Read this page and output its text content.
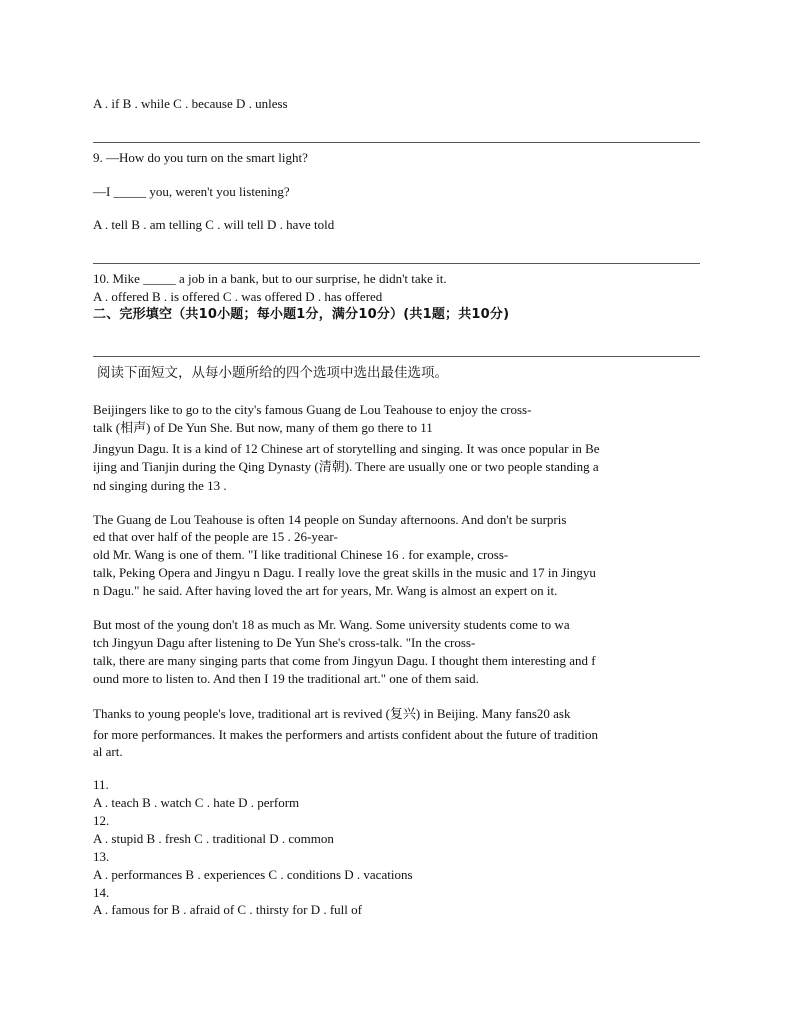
A . if B . while C . because D . unless
9. —How do you turn on the smart light?
—I _____ you, weren't you listening?
A . tell B . am telling C . will tell D . have told
10. Mike _____ a job in a bank, but to our surprise, he didn't take it.
A . offered B . is offered C . was offered D . has offered
二、完形填空（共10小题；每小题1分，满分10分）(共1题；共10分)
阅读下面短文，从每小题所给的四个选项中选出最佳选项。
Beijingers like to go to the city's famous Guang de Lou Teahouse to enjoy the cross-
talk (相声) of De Yun She. But now, many of them go there to 11
Jingyun Dagu. It is a kind of 12 Chinese art of storytelling and singing. It was once popular in Be
ijing and Tianjin during the Qing Dynasty (清朝). There are usually one or two people standing a
nd singing during the 13 .
The Guang de Lou Teahouse is often 14 people on Sunday afternoons. And don't be surpris
ed that over half of the people are 15 . 26-year-
old Mr. Wang is one of them. "I like traditional Chinese 16 . for example, cross-
talk, Peking Opera and Jingyu n Dagu. I really love the great skills in the music and 17 in Jingyu
n Dagu." he said. After having loved the art for years, Mr. Wang is almost an expert on it.
But most of the young don't 18 as much as Mr. Wang. Some university students come to wa
tch Jingyun Dagu after listening to De Yun She's cross-talk. "In the cross-
talk, there are many singing parts that come from Jingyun Dagu. I thought them interesting and f
ound more to listen to. And then I 19 the traditional art." one of them said.
Thanks to young people's love, traditional art is revived (复兴) in Beijing. Many fans20 ask
for more performances. It makes the performers and artists confident about the future of tradition
al art.
11.
A . teach B . watch C . hate D . perform
12.
A . stupid B . fresh C . traditional D . common
13.
A . performances B . experiences C . conditions D . vacations
14.
A . famous for B . afraid of C . thirsty for D . full of
